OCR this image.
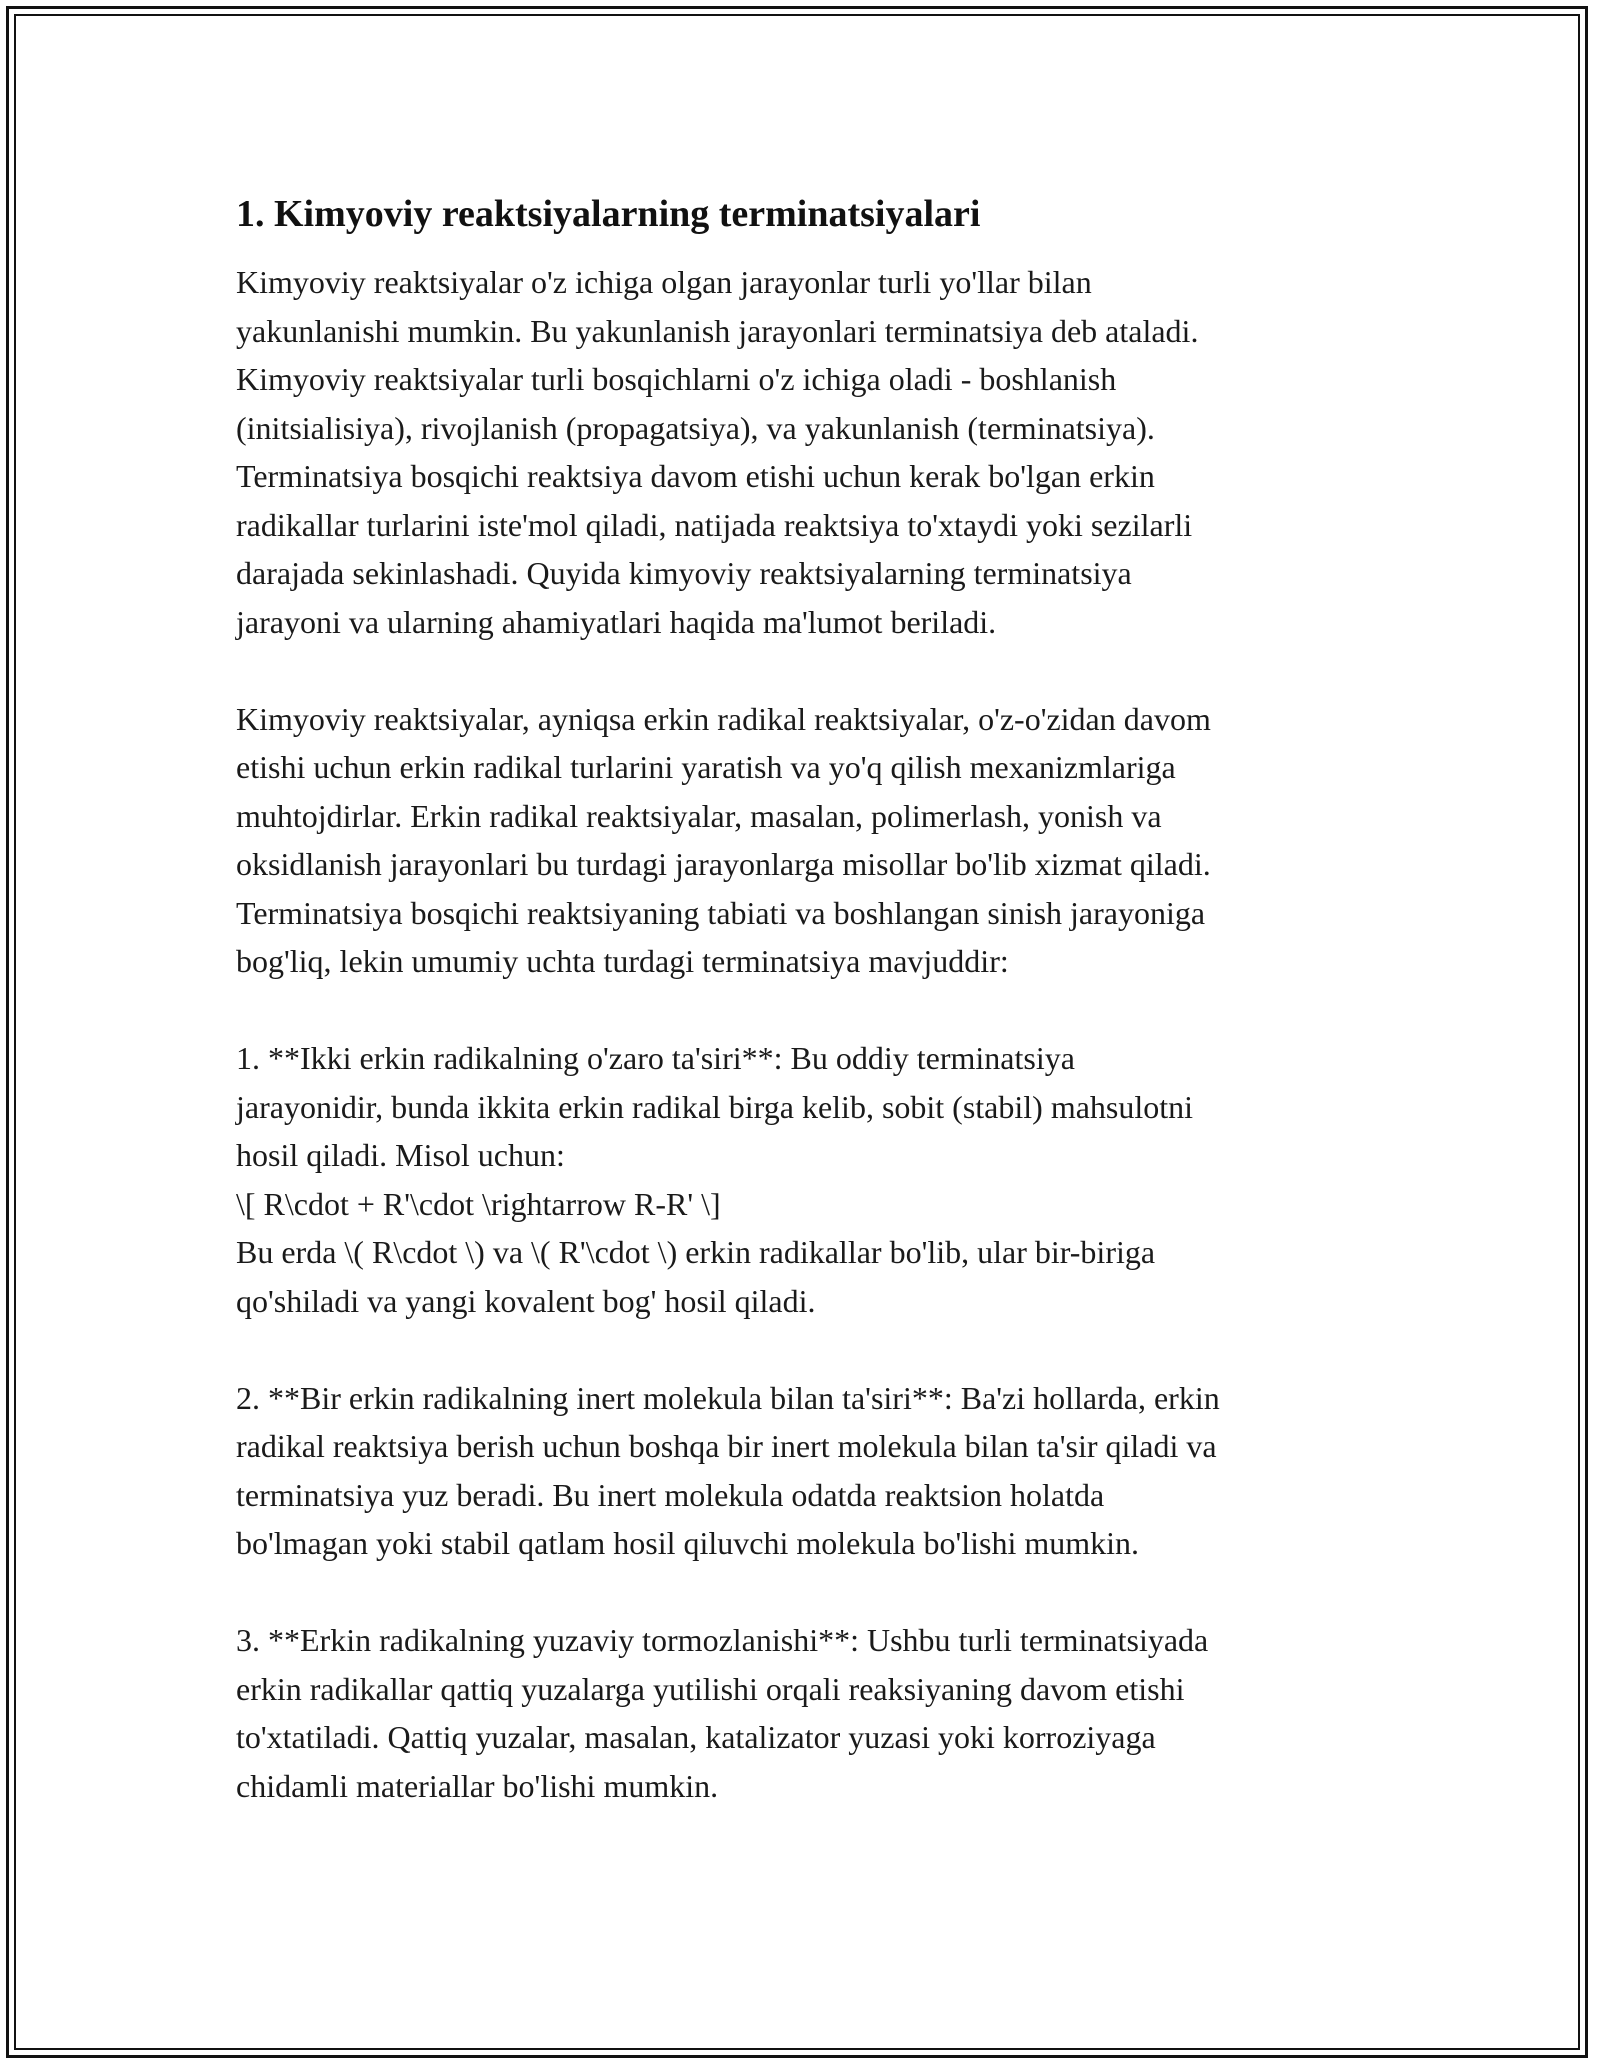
1. Kimyoviy reaktsiyalarning terminatsiyalari

Kimyoviy reaktsiyalar o'z ichiga olgan jarayonlar turli yo'llar bilan
yakunlanishi mumkin. Bu yakunlanish jarayonlari terminatsiya deb ataladi.
Kimyoviy reaktsiyalar turli bosqichlarni o'z ichiga oladi - boshlanish
(initsialisiya), rivojlanish (propagatsiya), va yakunlanish (terminatsiya).
Terminatsiya bosqichi reaktsiya davom etishi uchun kerak bo'lgan erkin
radikallar turlarini iste'mol qiladi, natijada reaktsiya to'xtaydi yoki sezilarli
darajada sekinlashadi. Quyida kimyoviy reaktsiyalarning terminatsiya
jarayoni va ularning ahamiyatlari haqida ma'lumot beriladi.

Kimyoviy reaktsiyalar, ayniqsa erkin radikal reaktsiyalar, o'z-o'zidan davom
etishi uchun erkin radikal turlarini yaratish va yo'q qilish mexanizmlariga
muhtojdirlar. Erkin radikal reaktsiyalar, masalan, polimerlash, yonish va
oksidlanish jarayonlari bu turdagi jarayonlarga misollar bo'lib xizmat qiladi.
Terminatsiya bosqichi reaktsiyaning tabiati va boshlangan sinish jarayoniga
bog'liq, lekin umumiy uchta turdagi terminatsiya mavjuddir:

1. **Ikki erkin radikalning o'zaro ta'siri**: Bu oddiy terminatsiya
jarayonidir, bunda ikkita erkin radikal birga kelib, sobit (stabil) mahsulotni
hosil qiladi. Misol uchun:
\[ R\cdot + R'\cdot \rightarrow R-R' \]
Bu erda \( R\cdot \) va \( R'\cdot \) erkin radikallar bo'lib, ular bir-biriga
qo'shiladi va yangi kovalent bog' hosil qiladi.

2. **Bir erkin radikalning inert molekula bilan ta'siri**: Ba'zi hollarda, erkin
radikal reaktsiya berish uchun boshqa bir inert molekula bilan ta'sir qiladi va
terminatsiya yuz beradi. Bu inert molekula odatda reaktsion holatda
bo'lmagan yoki stabil qatlam hosil qiluvchi molekula bo'lishi mumkin.

3. **Erkin radikalning yuzaviy tormozlanishi**: Ushbu turli terminatsiyada
erkin radikallar qattiq yuzalarga yutilishi orqali reaksiyaning davom etishi
to'xtatiladi. Qattiq yuzalar, masalan, katalizator yuzasi yoki korroziyaga
chidamli materiallar bo'lishi mumkin.
